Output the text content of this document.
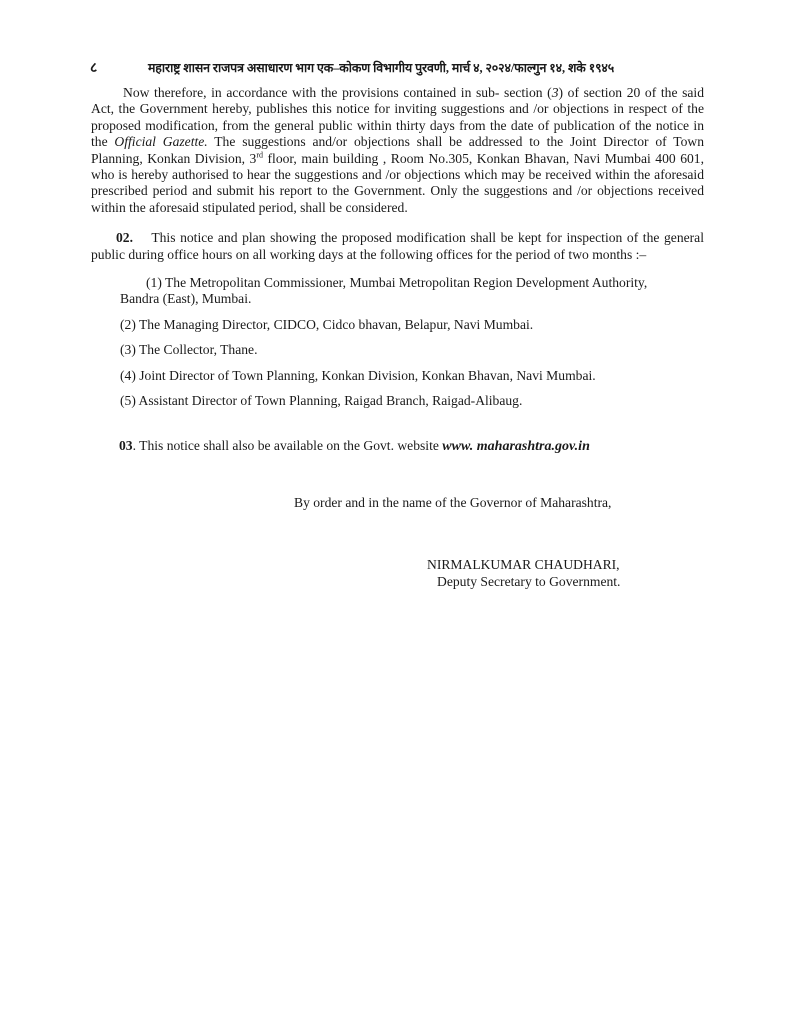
८	महाराष्ट्र शासन राजपत्र असाधारण भाग एक–कोकण विभागीय पुरवणी, मार्च ४, २०२४/फाल्गुन १४, शके १९४५

Now therefore, in accordance with the provisions contained in sub- section (3) of section 20 of the said Act, the Government hereby, publishes this notice for inviting suggestions and /or objections in respect of the proposed modification, from the general public within thirty days from the date of publication of the notice in the Official Gazette. The suggestions and/or objections shall be addressed to the Joint Director of Town Planning, Konkan Division, 3rd floor, main building , Room No.305, Konkan Bhavan, Navi Mumbai 400 601, who is hereby authorised to hear the suggestions and /or objections which may be received within the aforesaid prescribed period and submit his report to the Government. Only the suggestions and /or objections received within the aforesaid stipulated period, shall be considered.

02. This notice and plan showing the proposed modification shall be kept for inspection of the general public during office hours on all working days at the following offices for the period of two months :–

(1) The Metropolitan Commissioner, Mumbai Metropolitan Region Development Authority,
Bandra (East), Mumbai.

(2) The Managing Director, CIDCO, Cidco bhavan, Belapur, Navi Mumbai.

(3) The Collector, Thane.

(4) Joint Director of Town Planning, Konkan Division, Konkan Bhavan, Navi Mumbai.

(5) Assistant Director of Town Planning, Raigad Branch, Raigad-Alibaug.

03. This notice shall also be available on the Govt. website www. maharashtra.gov.in

By order and in the name of the Governor of Maharashtra,
NIRMALKUMAR CHAUDHARI,
Deputy Secretary to Government.
